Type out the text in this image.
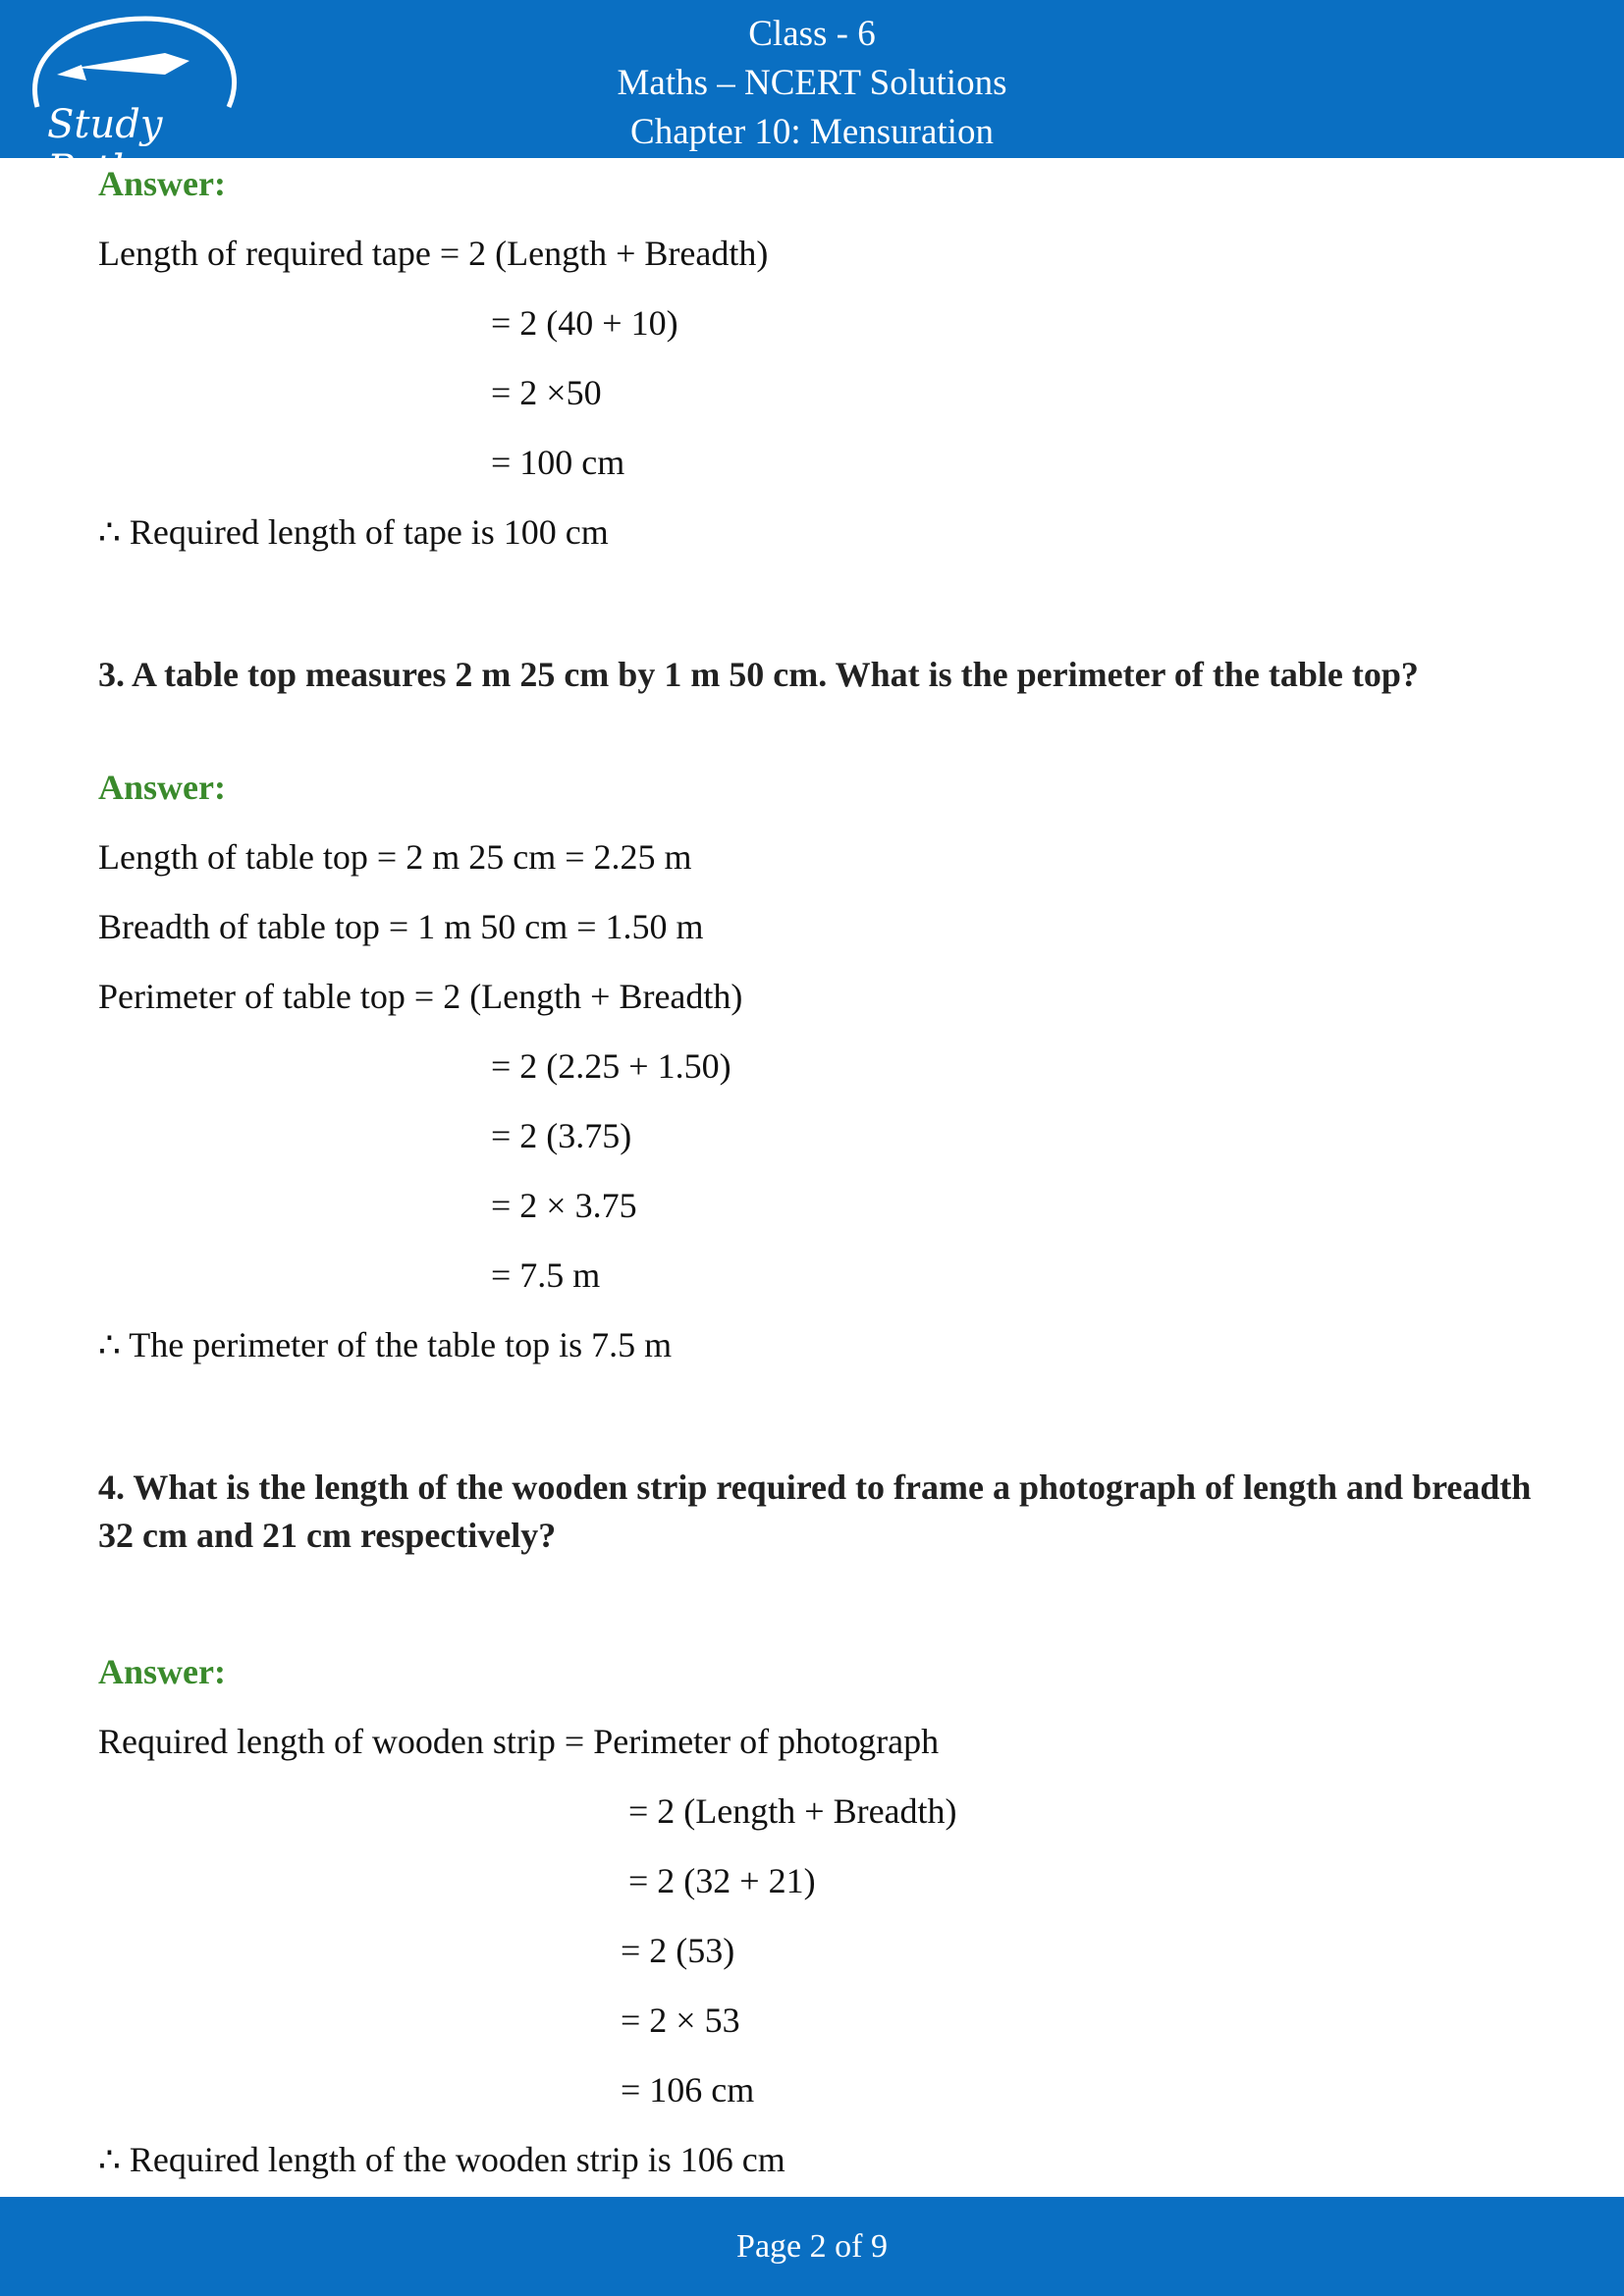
Study Path
Class - 6
Maths – NCERT Solutions
Chapter 10: Mensuration
Answer:
Length of required tape = 2 (Length + Breadth)
= 2 (40 + 10)
= 2 ×50
= 100 cm
∴ Required length of tape is 100 cm
3. A table top measures 2 m 25 cm by 1 m 50 cm. What is the perimeter of the table top?
Answer:
Length of table top = 2 m 25 cm = 2.25 m
Breadth of table top = 1 m 50 cm = 1.50 m
Perimeter of table top = 2 (Length + Breadth)
= 2 (2.25 + 1.50)
= 2 (3.75)
= 2 × 3.75
= 7.5 m
∴ The perimeter of the table top is 7.5 m
4. What is the length of the wooden strip required to frame a photograph of length and breadth 32 cm and 21 cm respectively?
Answer:
Required length of wooden strip = Perimeter of photograph
= 2 (Length + Breadth)
= 2 (32 + 21)
= 2 (53)
= 2 × 53
= 106 cm
∴ Required length of the wooden strip is 106 cm
Page 2 of 9
